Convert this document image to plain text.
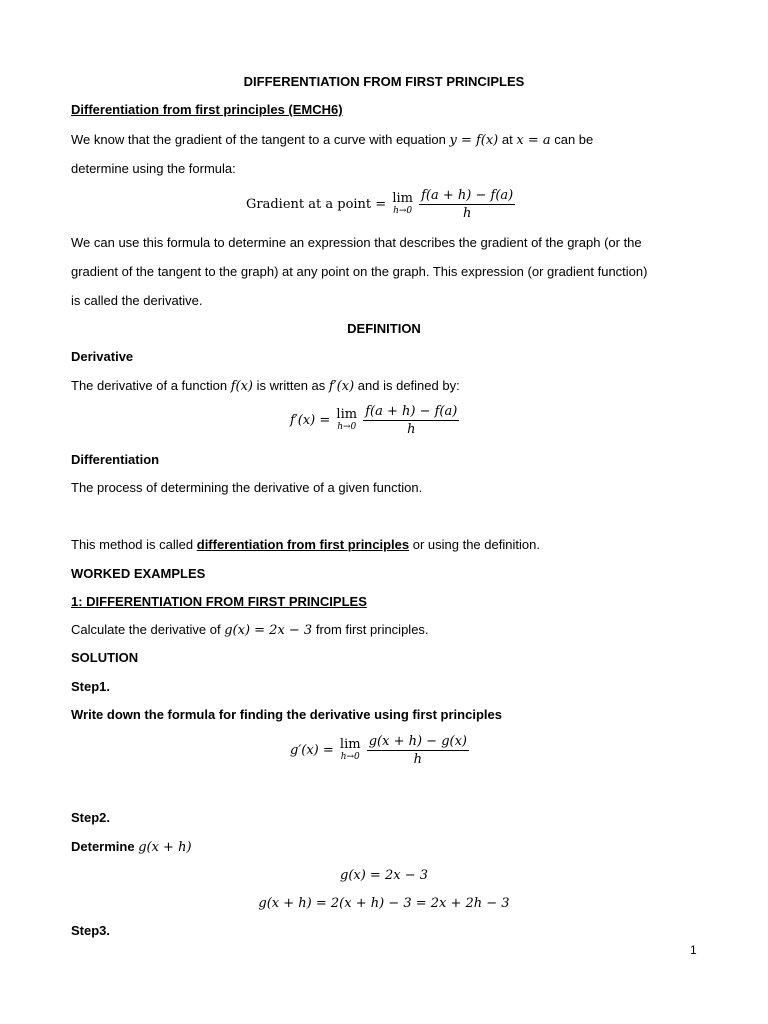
DIFFERENTIATION FROM FIRST PRINCIPLES
Differentiation from first principles (EMCH6)
We know that the gradient of the tangent to a curve with equation y = f(x) at x = a can be
determine using the formula:
Gradient at a point = lim
h→0
$\frac{f(a + h) - f(a)}{h}$
We can use this formula to determine an expression that describes the gradient of the graph (or the
gradient of the tangent to the graph) at any point on the graph. This expression (or gradient function)
is called the derivative.
DEFINITION
Derivative
The derivative of a function f(x) is written as f′(x) and is defined by:
f′(x) = lim
h→0
$\frac{f(a + h) - f(a)}{h}$
Differentiation
The process of determining the derivative of a given function.
This method is called differentiation from first principles or using the definition.
WORKED EXAMPLES
1: DIFFERENTIATION FROM FIRST PRINCIPLES
Calculate the derivative of g(x) = 2x − 3 from first principles.
SOLUTION
Step1.
Write down the formula for finding the derivative using first principles
g′(x) = lim
h→0
$\frac{g(x + h) - g(x)}{h}$
Step2.
Determine g(x + h)
g(x) = 2x − 3
g(x + h) = 2(x + h) − 3 = 2x + 2h − 3
Step3.
1
